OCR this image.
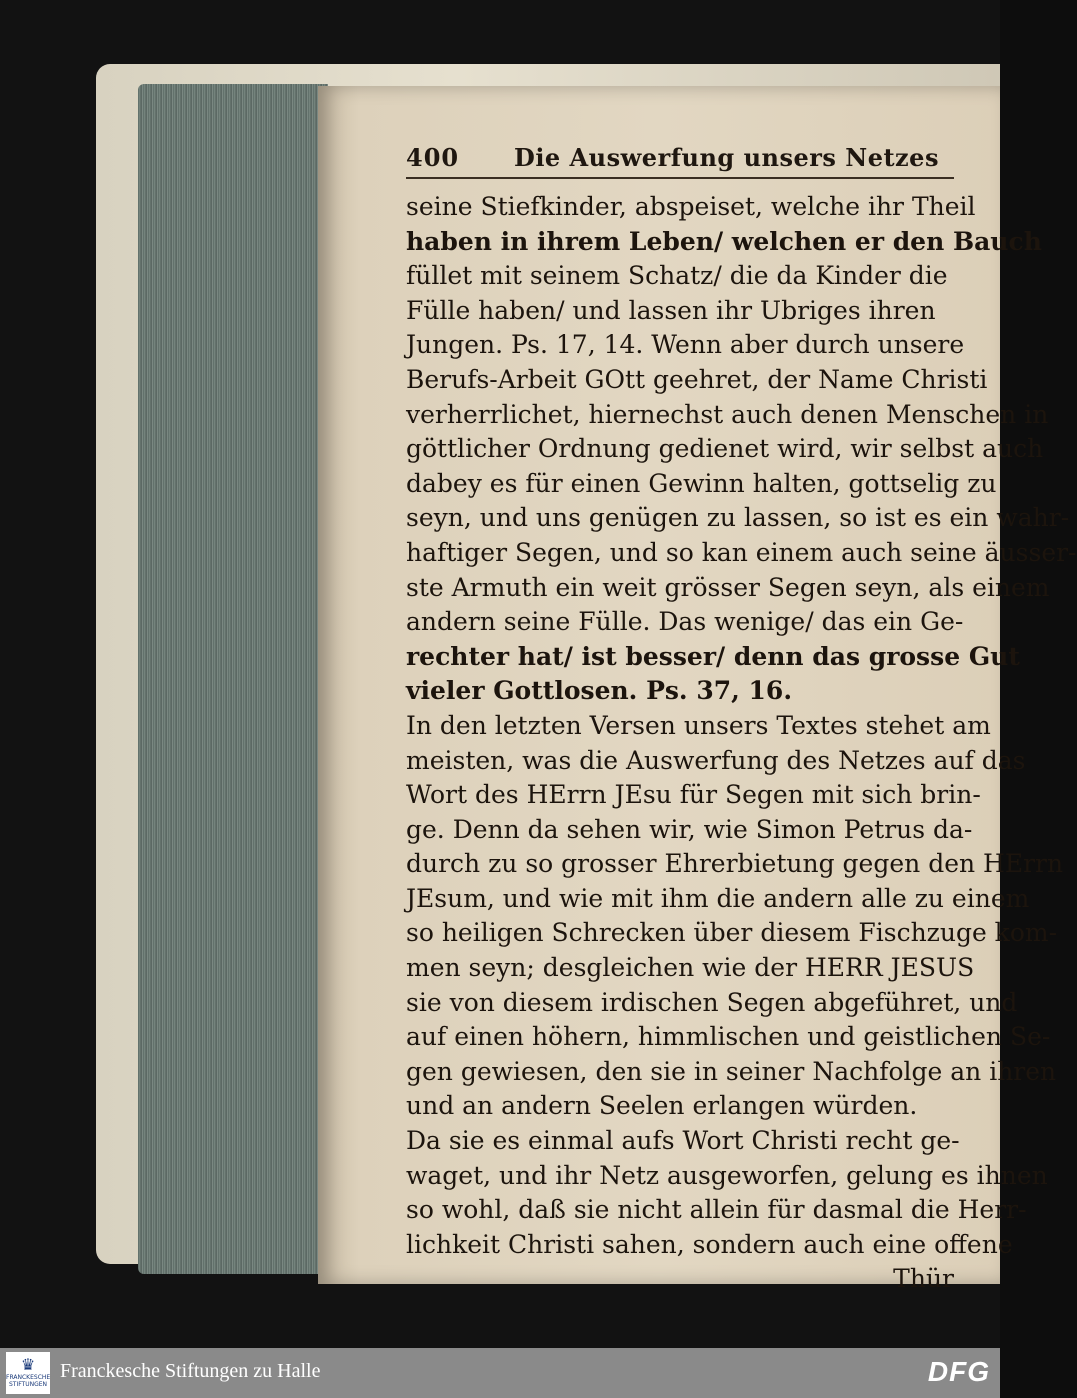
400 Die Auswerfung unsers Netzes
seine Stiefkinder, abspeiset, welche ihr Theil
haben in ihrem Leben/ welchen er den Bauch
füllet mit seinem Schatz/ die da Kinder die
Fülle haben/ und lassen ihr Ubriges ihren
Jungen. Ps. 17, 14. Wenn aber durch unsere
Berufs-Arbeit GOtt geehret, der Name Christi
verherrlichet, hiernechst auch denen Menschen in
göttlicher Ordnung gedienet wird, wir selbst auch
dabey es für einen Gewinn halten, gottselig zu
seyn, und uns genügen zu lassen, so ist es ein wahr-
haftiger Segen, und so kan einem auch seine äusser-
ste Armuth ein weit grösser Segen seyn, als einem
andern seine Fülle. Das wenige/ das ein Ge-
rechter hat/ ist besser/ denn das grosse Gut
vieler Gottlosen. Ps. 37, 16.
In den letzten Versen unsers Textes stehet am
meisten, was die Auswerfung des Netzes auf das
Wort des HErrn JEsu für Segen mit sich brin-
ge. Denn da sehen wir, wie Simon Petrus da-
durch zu so grosser Ehrerbietung gegen den HErrn
JEsum, und wie mit ihm die andern alle zu einem
so heiligen Schrecken über diesem Fischzuge kom-
men seyn; desgleichen wie der HERR JESUS
sie von diesem irdischen Segen abgeführet, und
auf einen höhern, himmlischen und geistlichen Se-
gen gewiesen, den sie in seiner Nachfolge an ihren
und an andern Seelen erlangen würden.
Da sie es einmal aufs Wort Christi recht ge-
waget, und ihr Netz ausgeworfen, gelung es ihnen
so wohl, daß sie nicht allein für dasmal die Herr-
lichkeit Christi sahen, sondern auch eine offene
Thür
♛
FRANCKESCHE STIFTUNGEN
Franckesche Stiftungen zu Halle	DFG
